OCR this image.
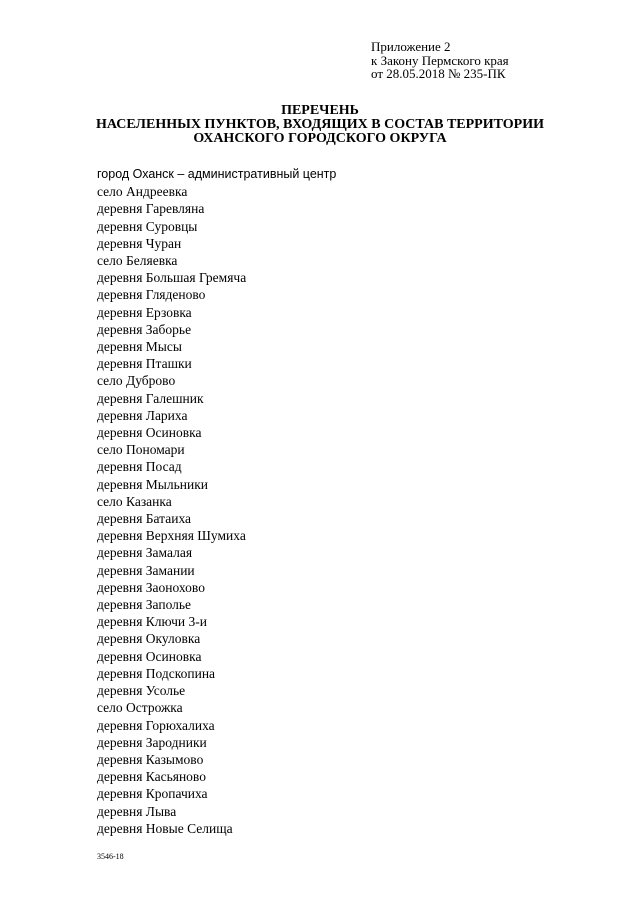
Приложение 2
к Закону Пермского края
от 28.05.2018 № 235-ПК
ПЕРЕЧЕНЬ
НАСЕЛЕННЫХ ПУНКТОВ, ВХОДЯЩИХ В СОСТАВ ТЕРРИТОРИИ
ОХАНСКОГО ГОРОДСКОГО ОКРУГА
город Оханск – административный центр
село Андреевка
деревня Гаревляна
деревня Суровцы
деревня Чуран
село Беляевка
деревня Большая Гремяча
деревня Гляденово
деревня Ерзовка
деревня Заборье
деревня Мысы
деревня Пташки
село Дуброво
деревня Галешник
деревня Лариха
деревня Осиновка
село Пономари
деревня Посад
деревня Мыльники
село Казанка
деревня Батаиха
деревня Верхняя Шумиха
деревня Замалая
деревня Замании
деревня Заонохово
деревня Заполье
деревня Ключи 3-и
деревня Окуловка
деревня Осиновка
деревня Подскопина
деревня Усолье
село Острожка
деревня Горюхалиха
деревня Зародники
деревня Казымово
деревня Касьяново
деревня Кропачиха
деревня Лыва
деревня Новые Селища
3546-18
